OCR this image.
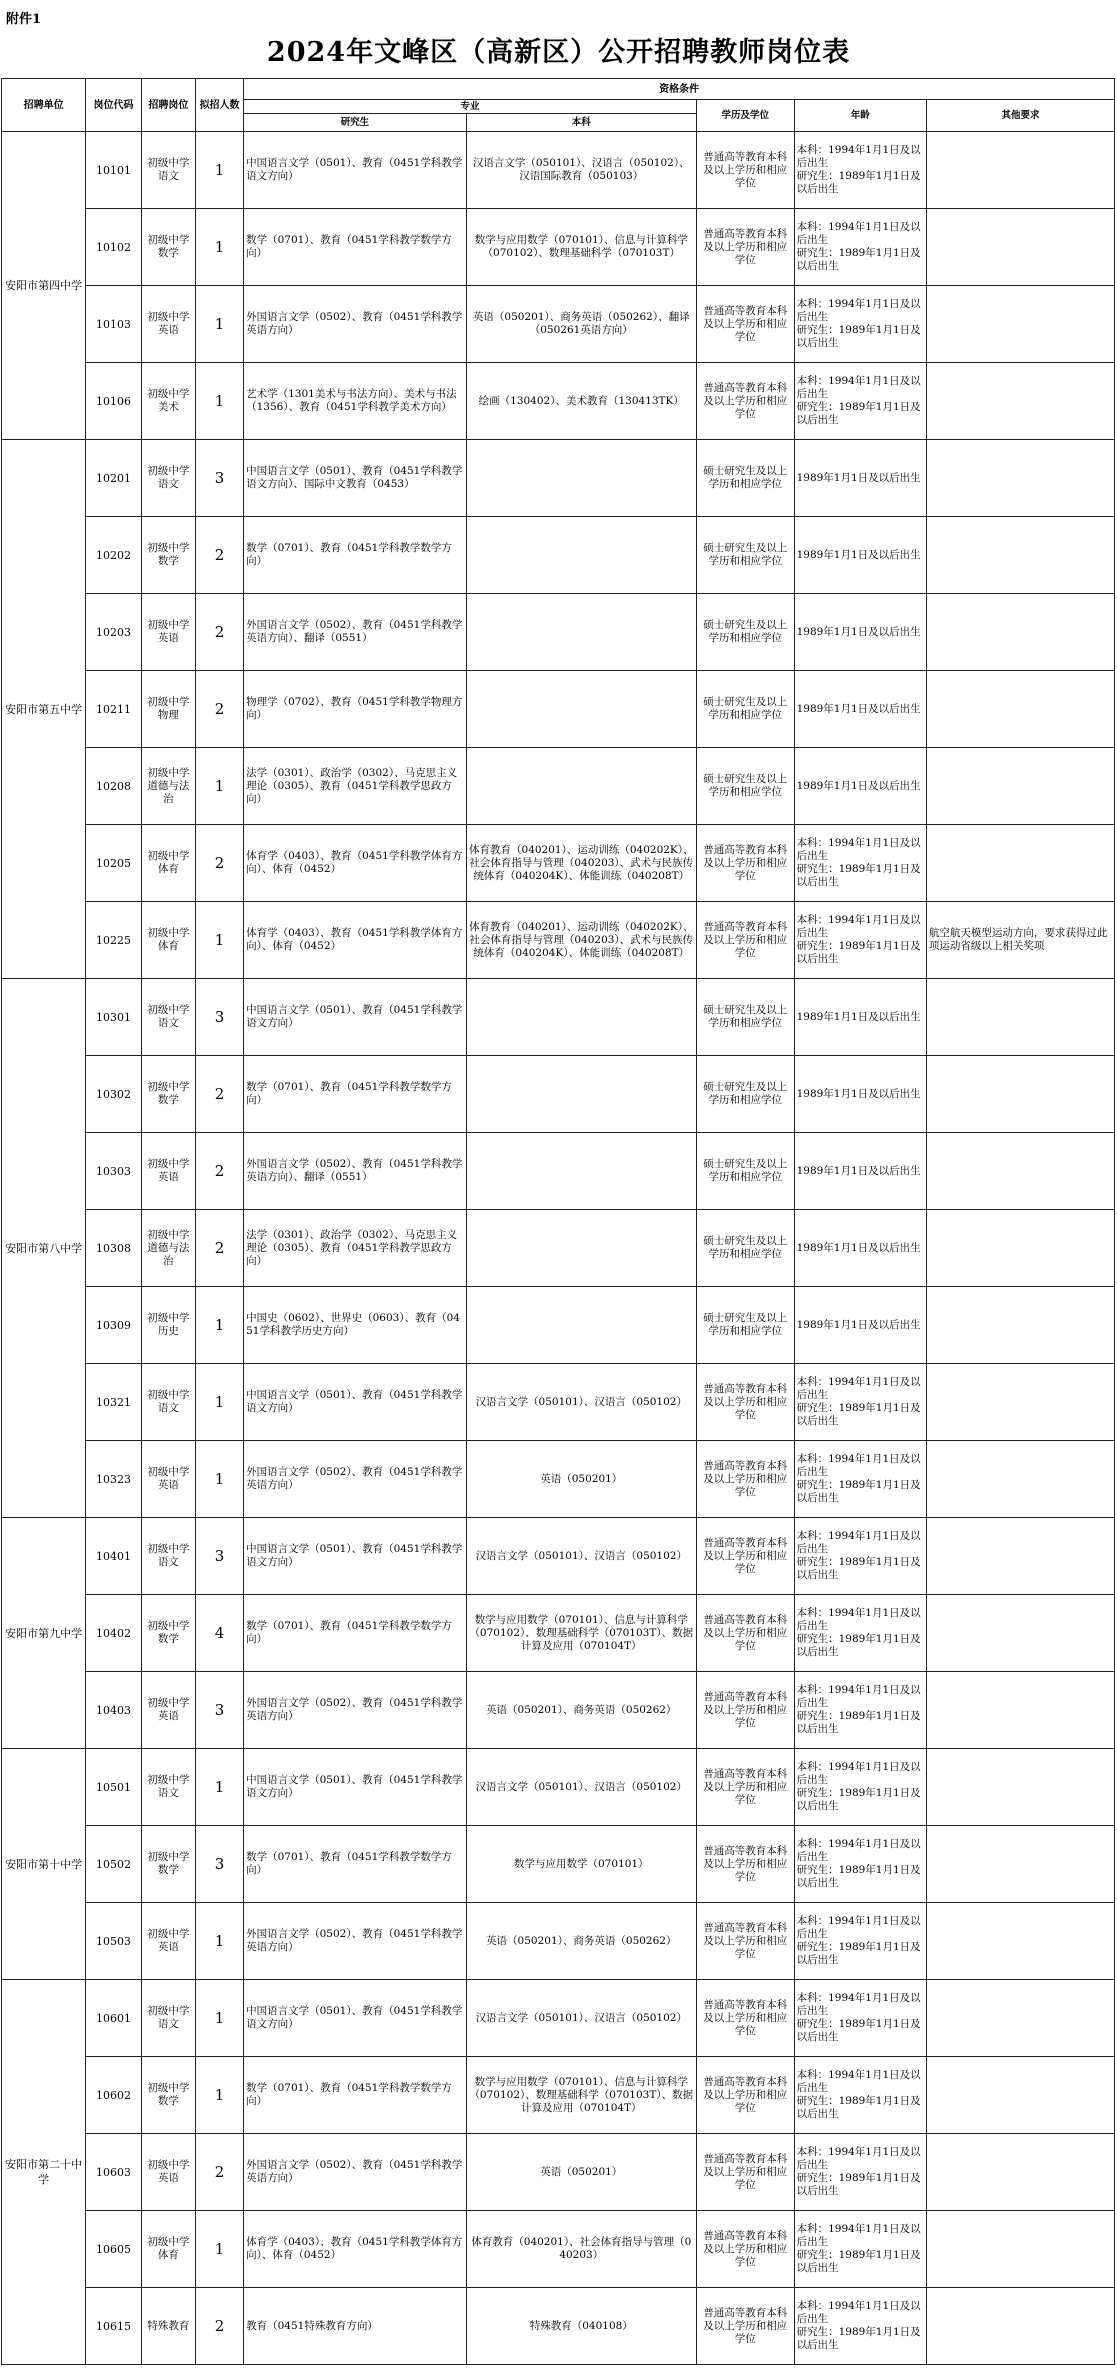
附件1
2024年文峰区（高新区）公开招聘教师岗位表
招聘单位	岗位代码	招聘岗位	拟招人数	资格条件				
				专业		学历及学位	年龄	其他要求
				研究生	本科			
安阳市第四中学	10101	初级中学语文	1	中国语言文学（0501）、教育（0451学科教学语文方向）	汉语言文学（050101）、汉语言（050102）、汉语国际教育（050103）	普通高等教育本科及以上学历和相应学位	本科：1994年1月1日及以后出生
研究生：1989年1月1日及以后出生	
	10102	初级中学数学	1	数学（0701）、教育（0451学科教学数学方向）	数学与应用数学（070101）、信息与计算科学（070102）、数理基础科学（070103T）	普通高等教育本科及以上学历和相应学位	本科：1994年1月1日及以后出生
研究生：1989年1月1日及以后出生	
	10103	初级中学英语	1	外国语言文学（0502）、教育（0451学科教学英语方向）	英语（050201）、商务英语（050262）、翻译（050261英语方向）	普通高等教育本科及以上学历和相应学位	本科：1994年1月1日及以后出生
研究生：1989年1月1日及以后出生	
	10106	初级中学美术	1	艺术学（1301美术与书法方向）、美术与书法（1356）、教育（0451学科教学美术方向）	绘画（130402）、美术教育（130413TK）	普通高等教育本科及以上学历和相应学位	本科：1994年1月1日及以后出生
研究生：1989年1月1日及以后出生	
安阳市第五中学	10201	初级中学语文	3	中国语言文学（0501）、教育（0451学科教学语文方向）、国际中文教育（0453）		硕士研究生及以上学历和相应学位	1989年1月1日及以后出生	
	10202	初级中学数学	2	数学（0701）、教育（0451学科教学数学方向）		硕士研究生及以上学历和相应学位	1989年1月1日及以后出生	
	10203	初级中学英语	2	外国语言文学（0502）、教育（0451学科教学英语方向）、翻译（0551）		硕士研究生及以上学历和相应学位	1989年1月1日及以后出生	
	10211	初级中学物理	2	物理学（0702）、教育（0451学科教学物理方向）		硕士研究生及以上学历和相应学位	1989年1月1日及以后出生	
	10208	初级中学道德与法治	1	法学（0301）、政治学（0302）、马克思主义理论（0305）、教育（0451学科教学思政方向）		硕士研究生及以上学历和相应学位	1989年1月1日及以后出生	
	10205	初级中学体育	2	体育学（0403）、教育（0451学科教学体育方向）、体育（0452）	体育教育（040201）、运动训练（040202K）、社会体育指导与管理（040203）、武术与民族传统体育（040204K）、体能训练（040208T）	普通高等教育本科及以上学历和相应学位	本科：1994年1月1日及以后出生
研究生：1989年1月1日及以后出生	
	10225	初级中学体育	1	体育学（0403）、教育（0451学科教学体育方向）、体育（0452）	体育教育（040201）、运动训练（040202K）、社会体育指导与管理（040203）、武术与民族传统体育（040204K）、体能训练（040208T）	普通高等教育本科及以上学历和相应学位	本科：1994年1月1日及以后出生
研究生：1989年1月1日及以后出生	航空航天模型运动方向，要求获得过此项运动省级以上相关奖项
安阳市第八中学	10301	初级中学语文	3	中国语言文学（0501）、教育（0451学科教学语文方向）		硕士研究生及以上学历和相应学位	1989年1月1日及以后出生	
	10302	初级中学数学	2	数学（0701）、教育（0451学科教学数学方向）		硕士研究生及以上学历和相应学位	1989年1月1日及以后出生	
	10303	初级中学英语	2	外国语言文学（0502）、教育（0451学科教学英语方向）、翻译（0551）		硕士研究生及以上学历和相应学位	1989年1月1日及以后出生	
	10308	初级中学道德与法治	2	法学（0301）、政治学（0302）、马克思主义理论（0305）、教育（0451学科教学思政方向）		硕士研究生及以上学历和相应学位	1989年1月1日及以后出生	
	10309	初级中学历史	1	中国史（0602）、世界史（0603）、教育（0451学科教学历史方向）		硕士研究生及以上学历和相应学位	1989年1月1日及以后出生	
	10321	初级中学语文	1	中国语言文学（0501）、教育（0451学科教学语文方向）	汉语言文学（050101）、汉语言（050102）	普通高等教育本科及以上学历和相应学位	本科：1994年1月1日及以后出生
研究生：1989年1月1日及以后出生	
	10323	初级中学英语	1	外国语言文学（0502）、教育（0451学科教学英语方向）	英语（050201）	普通高等教育本科及以上学历和相应学位	本科：1994年1月1日及以后出生
研究生：1989年1月1日及以后出生	
安阳市第九中学	10401	初级中学语文	3	中国语言文学（0501）、教育（0451学科教学语文方向）	汉语言文学（050101）、汉语言（050102）	普通高等教育本科及以上学历和相应学位	本科：1994年1月1日及以后出生
研究生：1989年1月1日及以后出生	
	10402	初级中学数学	4	数学（0701）、教育（0451学科教学数学方向）	数学与应用数学（070101）、信息与计算科学（070102）、数理基础科学（070103T）、数据计算及应用（070104T）	普通高等教育本科及以上学历和相应学位	本科：1994年1月1日及以后出生
研究生：1989年1月1日及以后出生	
	10403	初级中学英语	3	外国语言文学（0502）、教育（0451学科教学英语方向）	英语（050201）、商务英语（050262）	普通高等教育本科及以上学历和相应学位	本科：1994年1月1日及以后出生
研究生：1989年1月1日及以后出生	
安阳市第十中学	10501	初级中学语文	1	中国语言文学（0501）、教育（0451学科教学语文方向）	汉语言文学（050101）、汉语言（050102）	普通高等教育本科及以上学历和相应学位	本科：1994年1月1日及以后出生
研究生：1989年1月1日及以后出生	
	10502	初级中学数学	3	数学（0701）、教育（0451学科教学数学方向）	数学与应用数学（070101）	普通高等教育本科及以上学历和相应学位	本科：1994年1月1日及以后出生
研究生：1989年1月1日及以后出生	
	10503	初级中学英语	1	外国语言文学（0502）、教育（0451学科教学英语方向）	英语（050201）、商务英语（050262）	普通高等教育本科及以上学历和相应学位	本科：1994年1月1日及以后出生
研究生：1989年1月1日及以后出生	
安阳市第二十中学	10601	初级中学语文	1	中国语言文学（0501）、教育（0451学科教学语文方向）	汉语言文学（050101）、汉语言（050102）	普通高等教育本科及以上学历和相应学位	本科：1994年1月1日及以后出生
研究生：1989年1月1日及以后出生	
	10602	初级中学数学	1	数学（0701）、教育（0451学科教学数学方向）	数学与应用数学（070101）、信息与计算科学（070102）、数理基础科学（070103T）、数据计算及应用（070104T）	普通高等教育本科及以上学历和相应学位	本科：1994年1月1日及以后出生
研究生：1989年1月1日及以后出生	
	10603	初级中学英语	2	外国语言文学（0502）、教育（0451学科教学英语方向）	英语（050201）	普通高等教育本科及以上学历和相应学位	本科：1994年1月1日及以后出生
研究生：1989年1月1日及以后出生	
	10605	初级中学体育	1	体育学（0403）、教育（0451学科教学体育方向）、体育（0452）	体育教育（040201）、社会体育指导与管理（040203）	普通高等教育本科及以上学历和相应学位	本科：1994年1月1日及以后出生
研究生：1989年1月1日及以后出生	
	10615	特殊教育	2	教育（0451特殊教育方向）	特殊教育（040108）	普通高等教育本科及以上学历和相应学位	本科：1994年1月1日及以后出生
研究生：1989年1月1日及以后出生	
